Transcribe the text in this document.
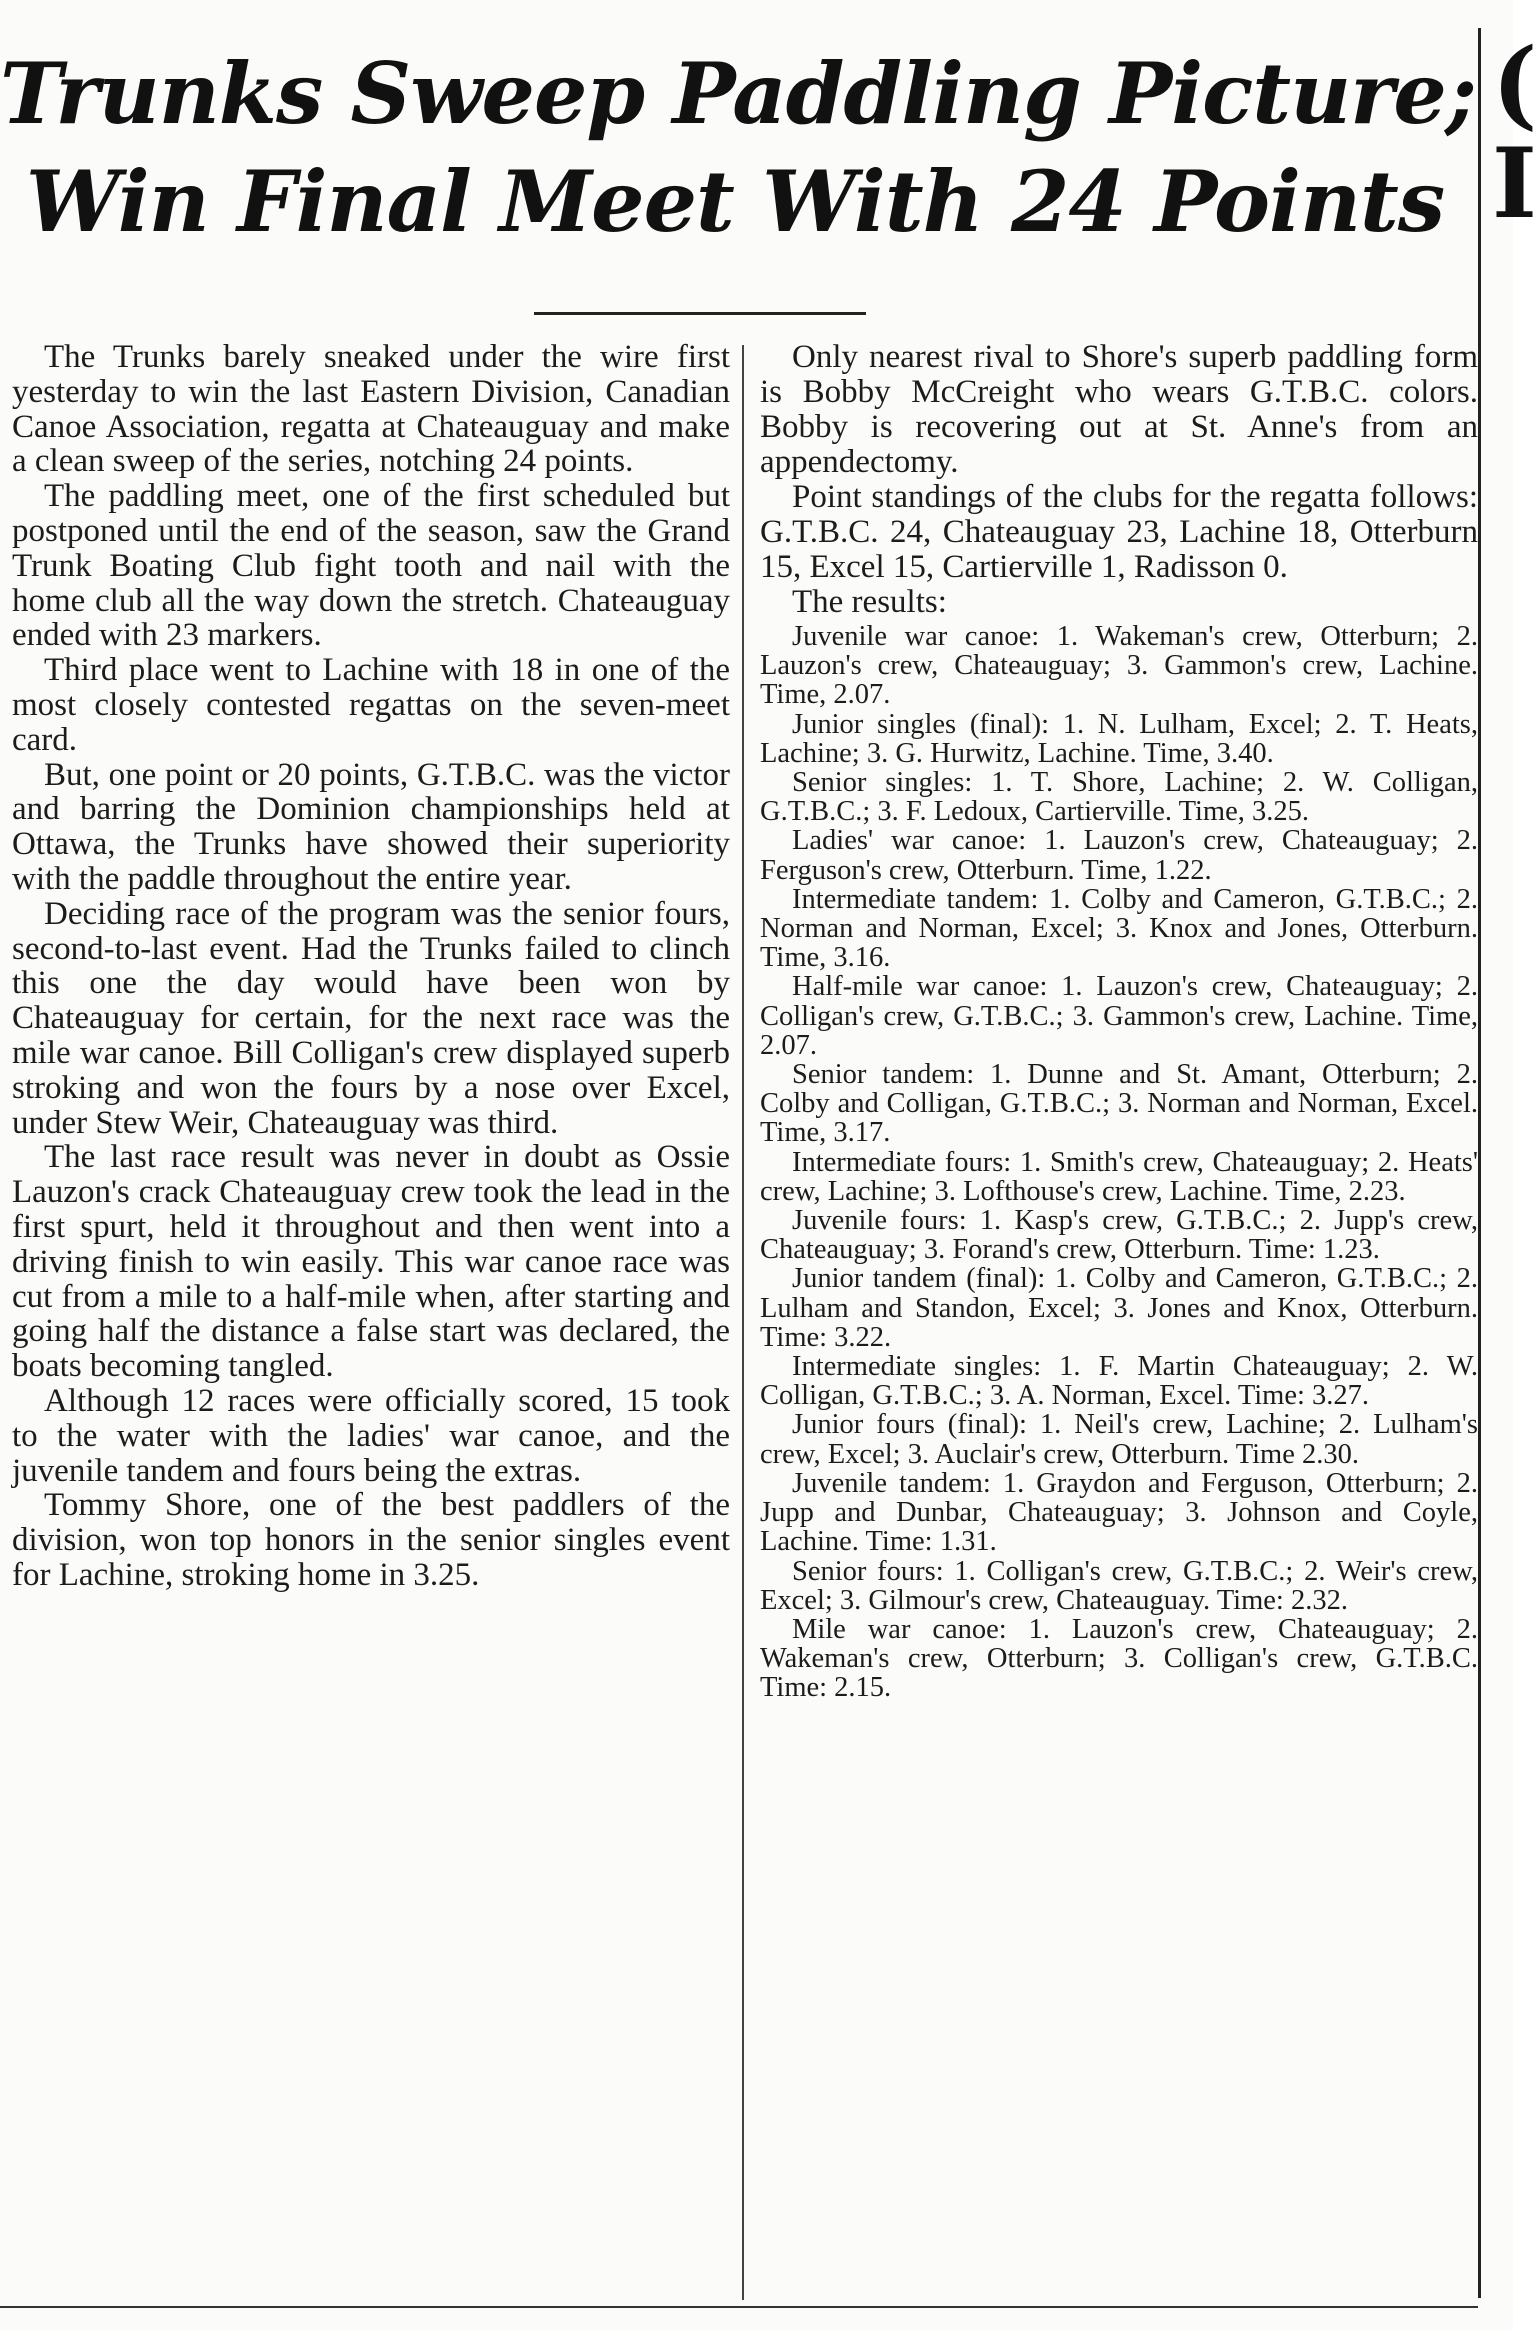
(
I
Trunks Sweep Paddling Picture;
Win Final Meet With 24 Points

The Trunks barely sneaked under the wire first yesterday to win the last Eastern Division, Canadian Canoe Association, regatta at Chateauguay and make a clean sweep of the series, notching 24 points.

The paddling meet, one of the first scheduled but postponed until the end of the season, saw the Grand Trunk Boating Club fight tooth and nail with the home club all the way down the stretch. Chateauguay ended with 23 markers.

Third place went to Lachine with 18 in one of the most closely contested regattas on the seven-meet card.

But, one point or 20 points, G.T.B.C. was the victor and barring the Dominion championships held at Ottawa, the Trunks have showed their superiority with the paddle throughout the entire year.

Deciding race of the program was the senior fours, second-to-last event. Had the Trunks failed to clinch this one the day would have been won by Chateauguay for certain, for the next race was the mile war canoe. Bill Colligan's crew displayed superb stroking and won the fours by a nose over Excel, under Stew Weir, Chateauguay was third.

The last race result was never in doubt as Ossie Lauzon's crack Chateauguay crew took the lead in the first spurt, held it throughout and then went into a driving finish to win easily. This war canoe race was cut from a mile to a half-mile when, after starting and going half the distance a false start was declared, the boats becoming tangled.

Although 12 races were officially scored, 15 took to the water with the ladies' war canoe, and the juvenile tandem and fours being the extras.

Tommy Shore, one of the best paddlers of the division, won top honors in the senior singles event for Lachine, stroking home in 3.25.

Only nearest rival to Shore's superb paddling form is Bobby McCreight who wears G.T.B.C. colors. Bobby is recovering out at St. Anne's from an appendectomy.

Point standings of the clubs for the regatta follows: G.T.B.C. 24, Chateauguay 23, Lachine 18, Otterburn 15, Excel 15, Cartierville 1, Radisson 0.

The results:

Juvenile war canoe: 1. Wakeman's crew, Otterburn; 2. Lauzon's crew, Chateauguay; 3. Gammon's crew, Lachine. Time, 2.07.

Junior singles (final): 1. N. Lulham, Excel; 2. T. Heats, Lachine; 3. G. Hurwitz, Lachine. Time, 3.40.

Senior singles: 1. T. Shore, Lachine; 2. W. Colligan, G.T.B.C.; 3. F. Ledoux, Cartierville. Time, 3.25.

Ladies' war canoe: 1. Lauzon's crew, Chateauguay; 2. Ferguson's crew, Otterburn. Time, 1.22.

Intermediate tandem: 1. Colby and Cameron, G.T.B.C.; 2. Norman and Norman, Excel; 3. Knox and Jones, Otterburn. Time, 3.16.

Half-mile war canoe: 1. Lauzon's crew, Chateauguay; 2. Colligan's crew, G.T.B.C.; 3. Gammon's crew, Lachine. Time, 2.07.

Senior tandem: 1. Dunne and St. Amant, Otterburn; 2. Colby and Colligan, G.T.B.C.; 3. Norman and Norman, Excel. Time, 3.17.

Intermediate fours: 1. Smith's crew, Chateauguay; 2. Heats' crew, Lachine; 3. Lofthouse's crew, Lachine. Time, 2.23.

Juvenile fours: 1. Kasp's crew, G.T.B.C.; 2. Jupp's crew, Chateauguay; 3. Forand's crew, Otterburn. Time: 1.23.

Junior tandem (final): 1. Colby and Cameron, G.T.B.C.; 2. Lulham and Standon, Excel; 3. Jones and Knox, Otterburn. Time: 3.22.

Intermediate singles: 1. F. Martin Chateauguay; 2. W. Colligan, G.T.B.C.; 3. A. Norman, Excel. Time: 3.27.

Junior fours (final): 1. Neil's crew, Lachine; 2. Lulham's crew, Excel; 3. Auclair's crew, Otterburn. Time 2.30.

Juvenile tandem: 1. Graydon and Ferguson, Otterburn; 2. Jupp and Dunbar, Chateauguay; 3. Johnson and Coyle, Lachine. Time: 1.31.

Senior fours: 1. Colligan's crew, G.T.B.C.; 2. Weir's crew, Excel; 3. Gilmour's crew, Chateauguay. Time: 2.32.

Mile war canoe: 1. Lauzon's crew, Chateauguay; 2. Wakeman's crew, Otterburn; 3. Colligan's crew, G.T.B.C. Time: 2.15.
